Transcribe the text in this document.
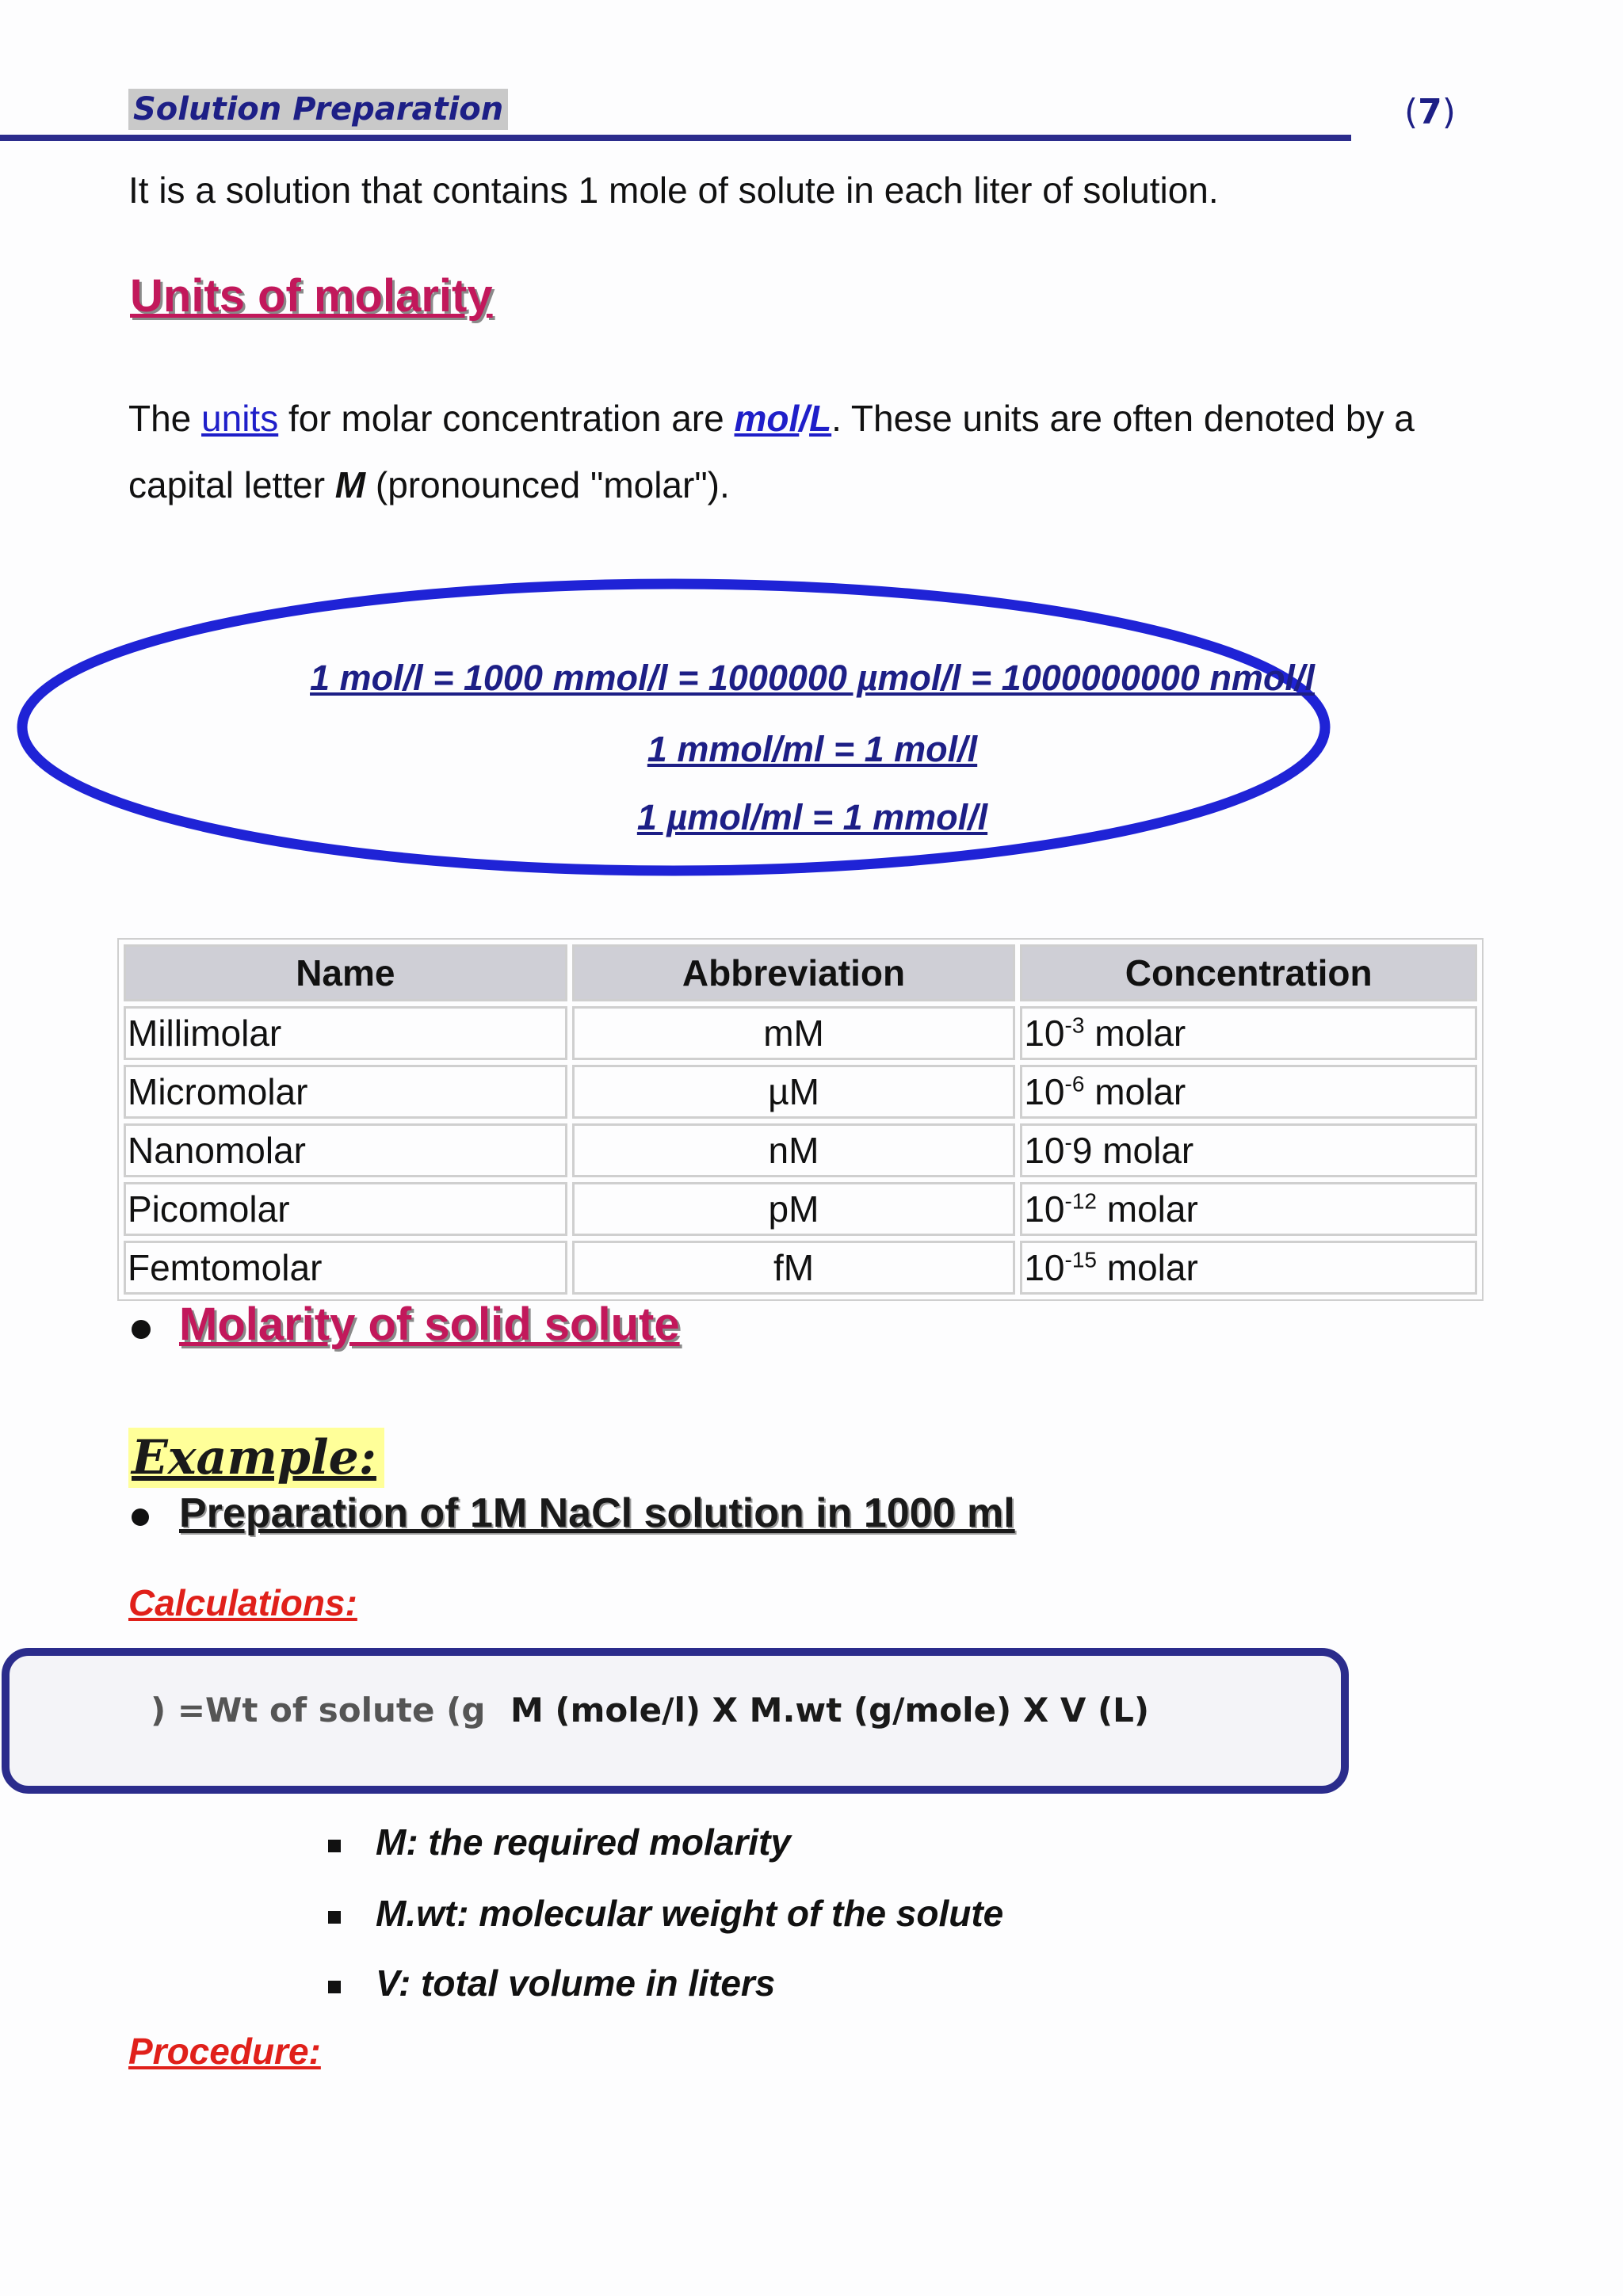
Solution Preparation	(7)
It is a solution that contains 1 mole of solute in each liter of solution.
Units of molarity
The units for molar concentration are mol/L. These units are often denoted by a
capital letter M (pronounced "molar").
1 mol/l = 1000 mmol/l = 1000000 µmol/l = 1000000000 nmol/l
1 mmol/ml = 1 mol/l
1 µmol/ml = 1 mmol/l
Name	Abbreviation	Concentration
Millimolar	mM	$10^{-3}$ molar
Micromolar	µM	$10^{-6}$ molar
Nanomolar	nM	10-9 molar
Picomolar	pM	$10^{-12}$ molar
Femtomolar	fM	$10^{-15}$ molar
Molarity of solid solute
Example:
Preparation of 1M NaCl solution in 1000 ml
Calculations:
) =Wt of solute (g M (mole/l) X M.wt (g/mole) X V (L)
M: the required molarity
M.wt: molecular weight of the solute
V: total volume in liters
Procedure:
